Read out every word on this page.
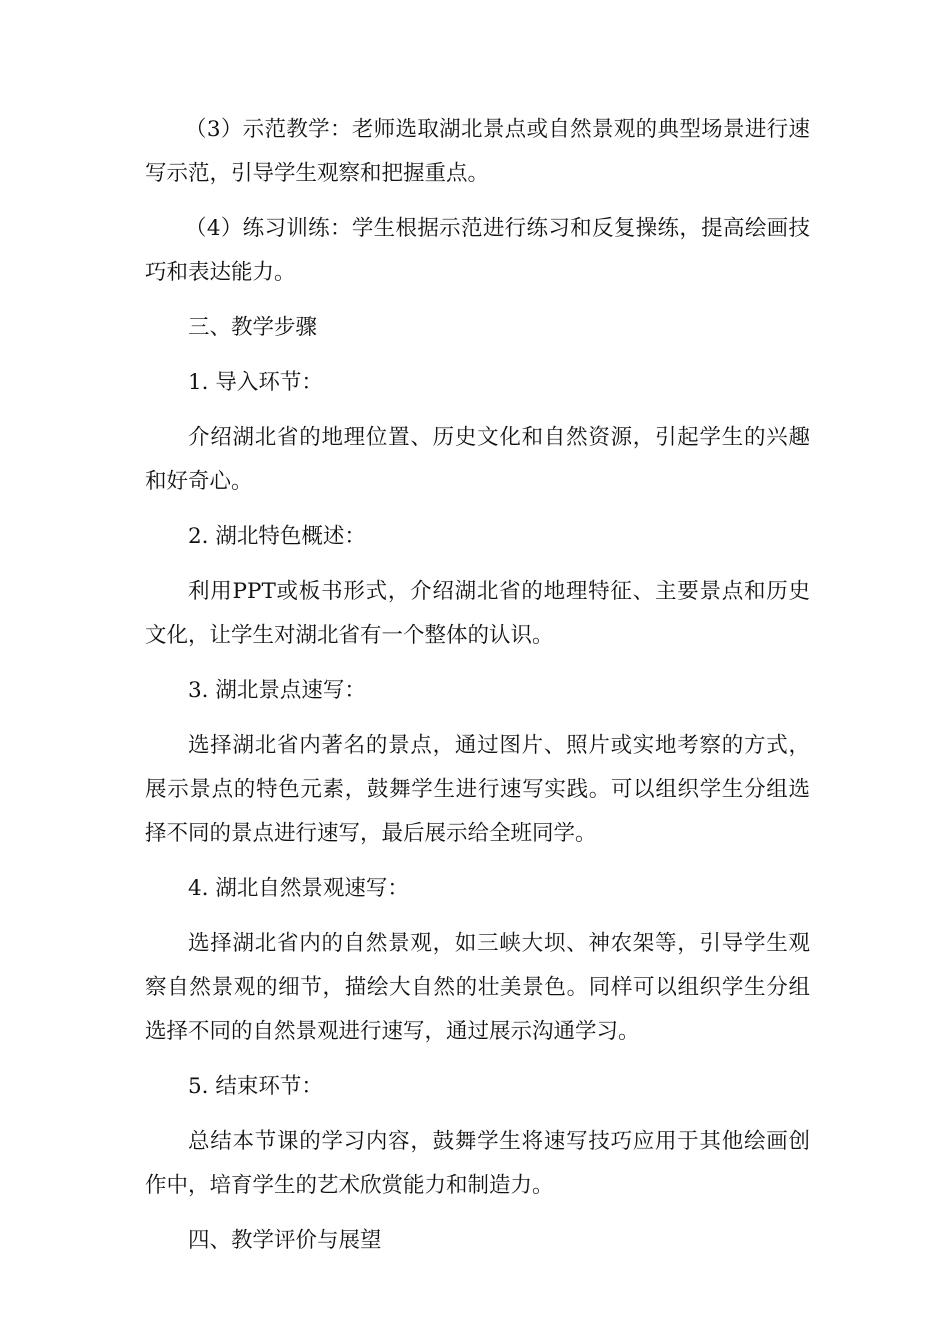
（3）示范教学：老师选取湖北景点或自然景观的典型场景进行速写示范，引导学生观察和把握重点。

（4）练习训练：学生根据示范进行练习和反复操练，提高绘画技巧和表达能力。

三、教学步骤

1. 导入环节：

介绍湖北省的地理位置、历史文化和自然资源，引起学生的兴趣和好奇心。

2. 湖北特色概述：

利用PPT或板书形式，介绍湖北省的地理特征、主要景点和历史文化，让学生对湖北省有一个整体的认识。

3. 湖北景点速写：

选择湖北省内著名的景点，通过图片、照片或实地考察的方式，展示景点的特色元素，鼓舞学生进行速写实践。可以组织学生分组选择不同的景点进行速写，最后展示给全班同学。

4. 湖北自然景观速写：

选择湖北省内的自然景观，如三峡大坝、神农架等，引导学生观察自然景观的细节，描绘大自然的壮美景色。同样可以组织学生分组选择不同的自然景观进行速写，通过展示沟通学习。

5. 结束环节：

总结本节课的学习内容，鼓舞学生将速写技巧应用于其他绘画创作中，培育学生的艺术欣赏能力和制造力。

四、教学评价与展望
